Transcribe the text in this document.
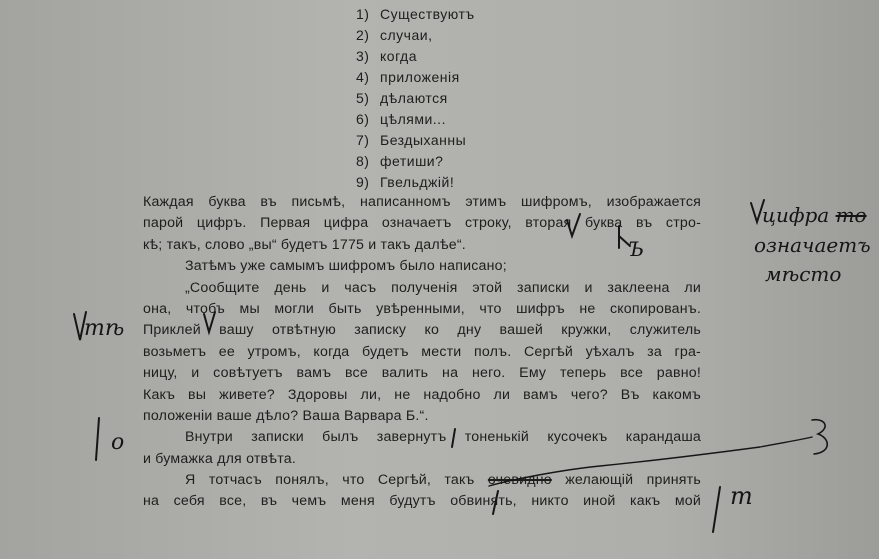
1) Существуютъ
2) случаи,
3) когда
4) приложенія
5) дѣлаются
6) цѣлями...
7) Бездыханны
8) фетиши?
9) Гвельджій!
Каждая буква въ письмѣ, написанномъ этимъ шифромъ, изображается
парой цифръ. Первая цифра означаетъ строку, вторая буква въ стро-
кѣ; такъ, слово „вы“ будетъ 1775 и такъ далѣе“.
Затѣмъ уже самымъ шифромъ было написано;
„Сообщите день и часъ полученія этой записки и заклеена ли
она, чтобъ мы могли быть увѣренными, что шифръ не скопированъ.
Приклей вашу отвѣтную записку ко дну вашей кружки, служитель
возьметъ ее утромъ, когда будетъ мести полъ. Сергѣй уѣхалъ за гра-
ницу, и совѣтуетъ вамъ все валить на него. Ему теперь все равно!
Какъ вы живете? Здоровы ли, не надобно ли вамъ чего? Въ какомъ
положеніи ваше дѣло? Ваша Варвара Б.“.
Внутри записки былъ завернутъ тоненькій кусочекъ карандаша
и бумажка для отвѣта.
Я тотчасъ понялъ, что Сергѣй, такъ очевидно желающій принять
на себя все, въ чемъ меня будутъ обвинять, никто иной какъ мой
цифра то
означаетъ
мѣсто
Ъ
тѣ
о
т
